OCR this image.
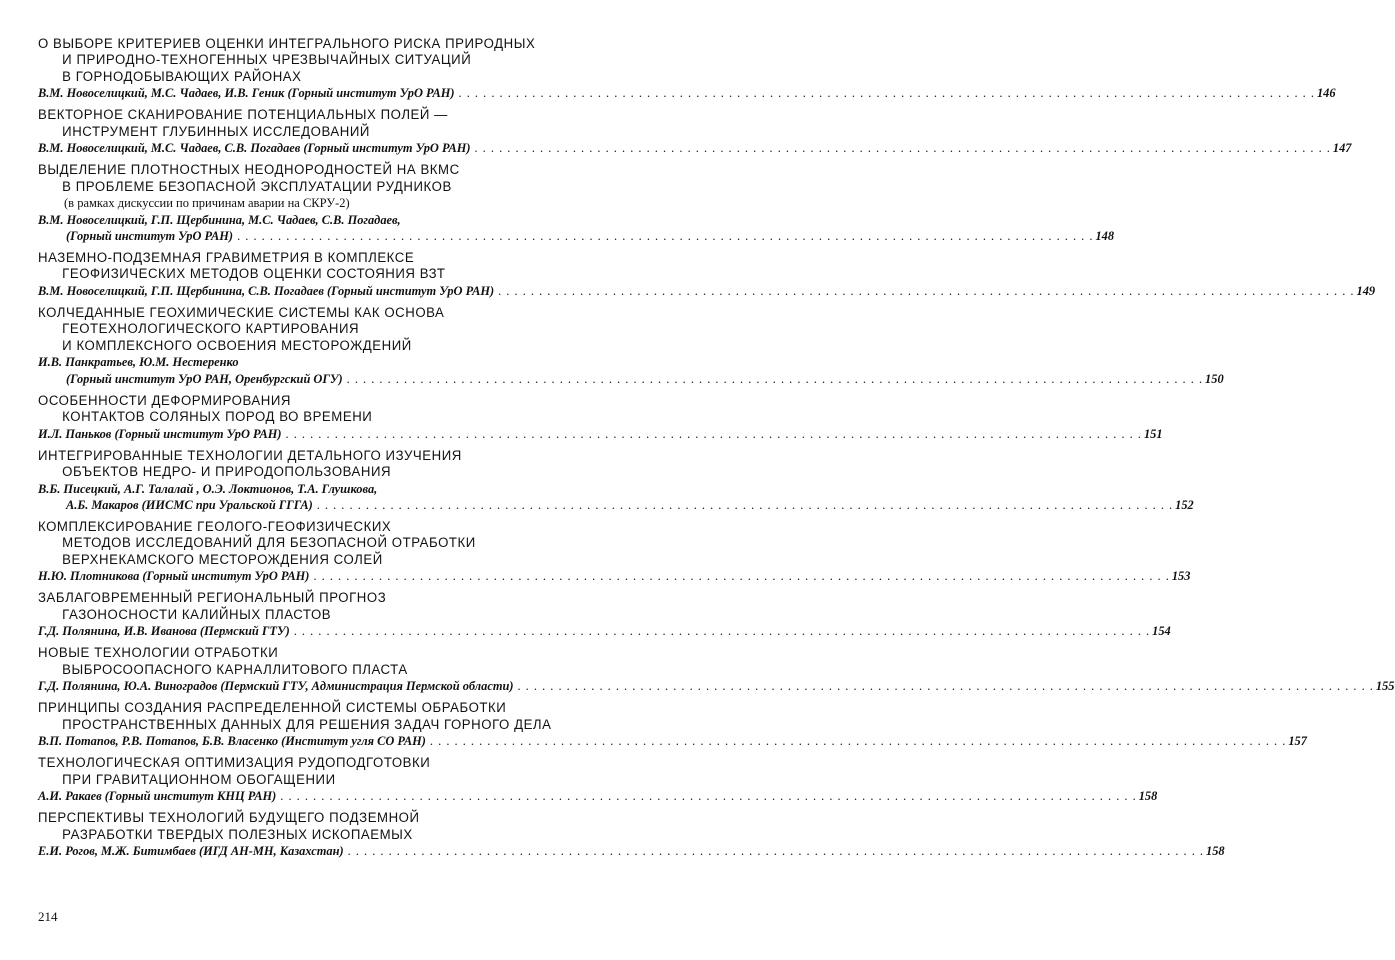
О ВЫБОРЕ КРИТЕРИЕВ ОЦЕНКИ ИНТЕГРАЛЬНОГО РИСКА ПРИРОДНЫХ
И ПРИРОДНО-ТЕХНОГЕННЫХ ЧРЕЗВЫЧАЙНЫХ СИТУАЦИЙ
В ГОРНОДОБЫВАЮЩИХ РАЙОНАХ
В.М. Новоселицкий, М.С. Чадаев, И.В. Геник (Горный институт УрО РАН) . . .	146
ВЕКТОРНОЕ СКАНИРОВАНИЕ ПОТЕНЦИАЛЬНЫХ ПОЛЕЙ —
ИНСТРУМЕНТ ГЛУБИННЫХ ИССЛЕДОВАНИЙ
В.М. Новоселицкий, М.С. Чадаев, С.В. Погадаев (Горный институт УрО РАН) . . .	147
ВЫДЕЛЕНИЕ ПЛОТНОСТНЫХ НЕОДНОРОДНОСТЕЙ НА ВКМС
В ПРОБЛЕМЕ БЕЗОПАСНОЙ ЭКСПЛУАТАЦИИ РУДНИКОВ
(в рамках дискуссии по причинам аварии на СКРУ-2)
В.М. Новоселицкий, Г.П. Щербинина, М.С. Чадаев, С.В. Погадаев,
(Горный институт УрО РАН) . . .	148
НАЗЕМНО-ПОДЗЕМНАЯ ГРАВИМЕТРИЯ В КОМПЛЕКСЕ
ГЕОФИЗИЧЕСКИХ МЕТОДОВ ОЦЕНКИ СОСТОЯНИЯ ВЗТ
В.М. Новоселицкий, Г.П. Щербинина, С.В. Погадаев (Горный институт УрО РАН) . . .	149
КОЛЧЕДАННЫЕ ГЕОХИМИЧЕСКИЕ СИСТЕМЫ КАК ОСНОВА
ГЕОТЕХНОЛОГИЧЕСКОГО КАРТИРОВАНИЯ
И КОМПЛЕКСНОГО ОСВОЕНИЯ МЕСТОРОЖДЕНИЙ
И.В. Панкратьев, Ю.М. Нестеренко
(Горный институт УрО РАН, Оренбургский ОГУ) . . .	150
ОСОБЕННОСТИ ДЕФОРМИРОВАНИЯ
КОНТАКТОВ СОЛЯНЫХ ПОРОД ВО ВРЕМЕНИ
И.Л. Паньков (Горный институт УрО РАН) . . .	151
ИНТЕГРИРОВАННЫЕ ТЕХНОЛОГИИ ДЕТАЛЬНОГО ИЗУЧЕНИЯ
ОБЪЕКТОВ НЕДРО- И ПРИРОДОПОЛЬЗОВАНИЯ
В.Б. Писецкий, А.Г. Талалай , О.Э. Локтионов, Т.А. Глушкова,
А.Б. Макаров (ИИСМС при Уральской ГГГА) . . .	152
КОМПЛЕКСИРОВАНИЕ ГЕОЛОГО-ГЕОФИЗИЧЕСКИХ
МЕТОДОВ ИССЛЕДОВАНИЙ ДЛЯ БЕЗОПАСНОЙ ОТРАБОТКИ
ВЕРХНЕКАМСКОГО МЕСТОРОЖДЕНИЯ СОЛЕЙ
Н.Ю. Плотникова (Горный институт УрО РАН) . . .	153
ЗАБЛАГОВРЕМЕННЫЙ РЕГИОНАЛЬНЫЙ ПРОГНОЗ
ГАЗОНОСНОСТИ КАЛИЙНЫХ ПЛАСТОВ
Г.Д. Полянина, И.В. Иванова (Пермский ГТУ) . . .	154
НОВЫЕ ТЕХНОЛОГИИ ОТРАБОТКИ
ВЫБРОСООПАСНОГО КАРНАЛЛИТОВОГО ПЛАСТА
Г.Д. Полянина, Ю.А. Виноградов (Пермский ГТУ, Администрация Пермской области) . . .	155
ПРИНЦИПЫ СОЗДАНИЯ РАСПРЕДЕЛЕННОЙ СИСТЕМЫ ОБРАБОТКИ
ПРОСТРАНСТВЕННЫХ ДАННЫХ ДЛЯ РЕШЕНИЯ ЗАДАЧ ГОРНОГО ДЕЛА
В.П. Потапов, Р.В. Потапов, Б.В. Власенко (Институт угля СО РАН) . . .	157
ТЕХНОЛОГИЧЕСКАЯ ОПТИМИЗАЦИЯ РУДОПОДГОТОВКИ
ПРИ ГРАВИТАЦИОННОМ ОБОГАЩЕНИИ
А.И. Ракаев (Горный институт КНЦ РАН) . . .	158
ПЕРСПЕКТИВЫ ТЕХНОЛОГИЙ БУДУЩЕГО ПОДЗЕМНОЙ
РАЗРАБОТКИ ТВЕРДЫХ ПОЛЕЗНЫХ ИСКОПАЕМЫХ
Е.И. Рогов, М.Ж. Битимбаев (ИГД АН-МН, Казахстан) . . .	158
214
